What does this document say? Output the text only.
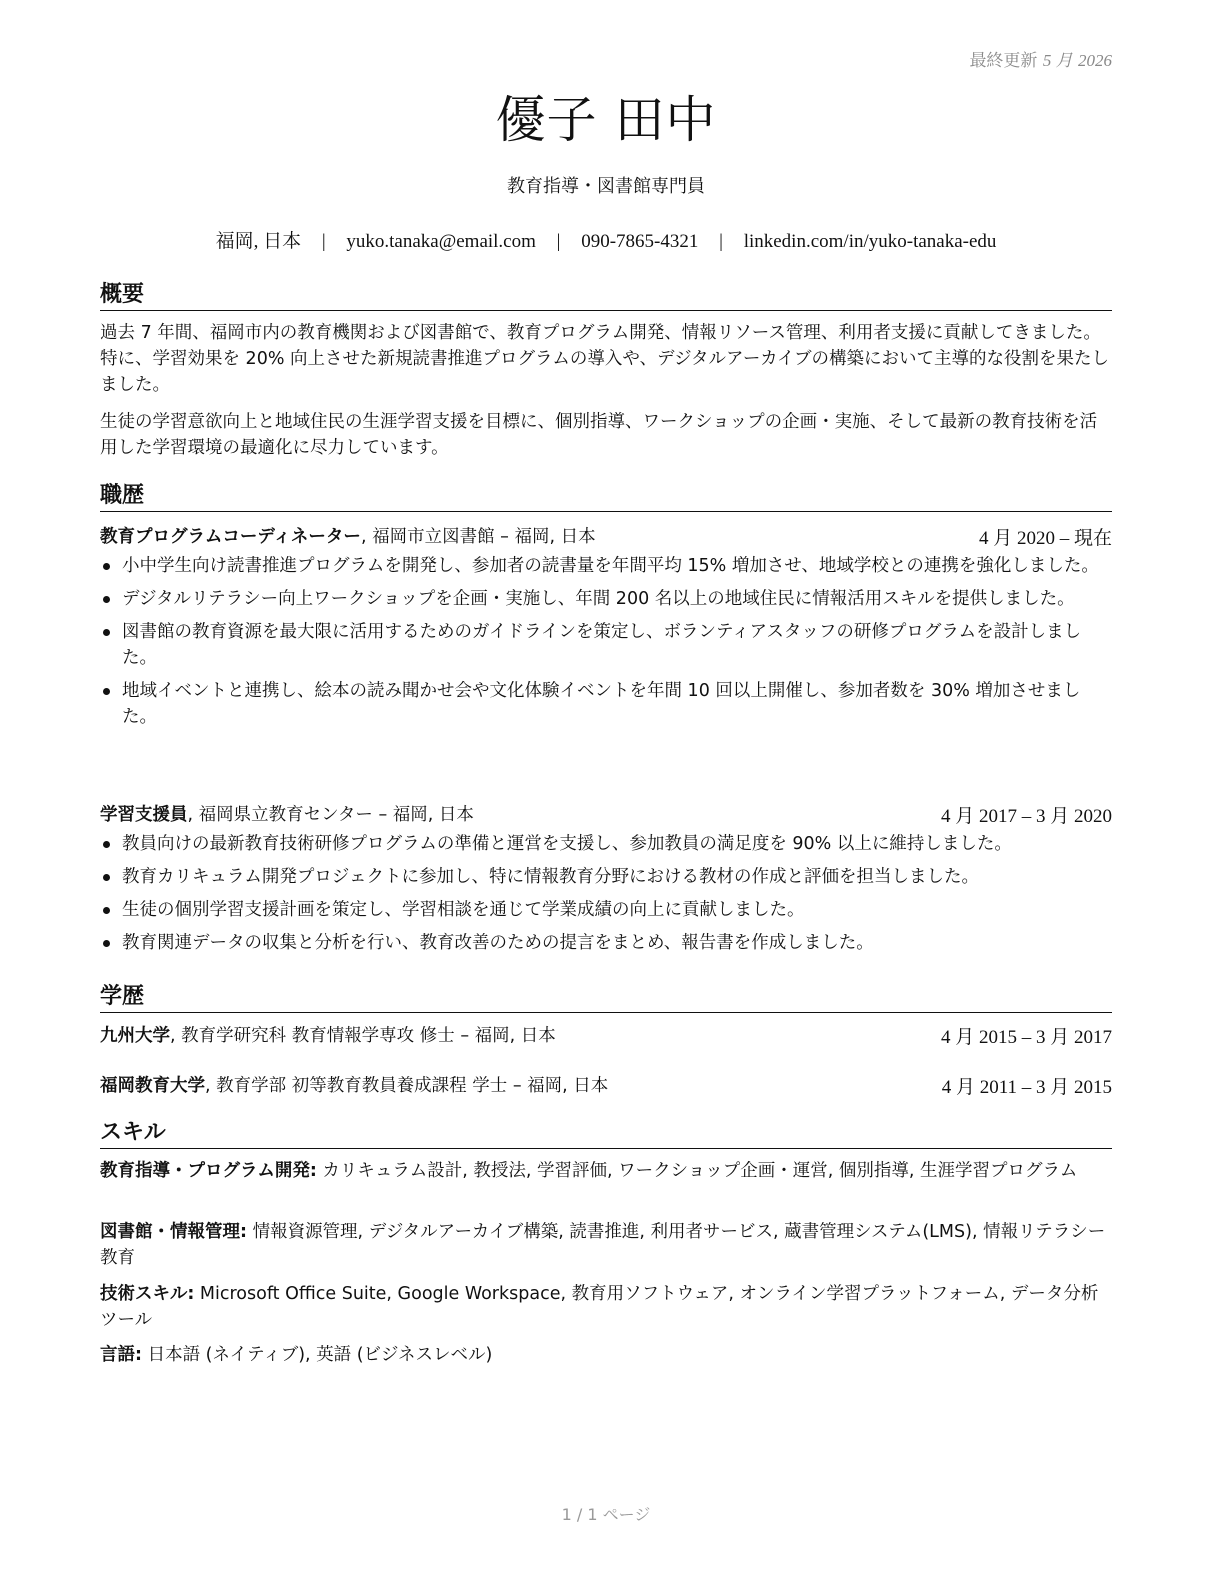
最終更新 5 月 2026
優子 田中
教育指導・図書館専門員
福岡, 日本 | yuko.tanaka@email.com | 090-7865-4321 | linkedin.com/in/yuko-tanaka-edu
概要
過去 7 年間、福岡市内の教育機関および図書館で、教育プログラム開発、情報リソース管理、利用者支援に貢献してきました。特に、学習効果を 20% 向上させた新規読書推進プログラムの導入や、デジタルアーカイブの構築において主導的な役割を果たしました。
生徒の学習意欲向上と地域住民の生涯学習支援を目標に、個別指導、ワークショップの企画・実施、そして最新の教育技術を活用した学習環境の最適化に尽力しています。
職歴
教育プログラムコーディネーター, 福岡市立図書館 – 福岡, 日本	4 月 2020 – 現在
小中学生向け読書推進プログラムを開発し、参加者の読書量を年間平均 15% 増加させ、地域学校との連携を強化しました。
デジタルリテラシー向上ワークショップを企画・実施し、年間 200 名以上の地域住民に情報活用スキルを提供しました。
図書館の教育資源を最大限に活用するためのガイドラインを策定し、ボランティアスタッフの研修プログラムを設計しました。
地域イベントと連携し、絵本の読み聞かせ会や文化体験イベントを年間 10 回以上開催し、参加者数を 30% 増加させました。
学習支援員, 福岡県立教育センター – 福岡, 日本	4 月 2017 – 3 月 2020
教員向けの最新教育技術研修プログラムの準備と運営を支援し、参加教員の満足度を 90% 以上に維持しました。
教育カリキュラム開発プロジェクトに参加し、特に情報教育分野における教材の作成と評価を担当しました。
生徒の個別学習支援計画を策定し、学習相談を通じて学業成績の向上に貢献しました。
教育関連データの収集と分析を行い、教育改善のための提言をまとめ、報告書を作成しました。
学歴
九州大学, 教育学研究科 教育情報学専攻 修士 – 福岡, 日本	4 月 2015 – 3 月 2017
福岡教育大学, 教育学部 初等教育教員養成課程 学士 – 福岡, 日本	4 月 2011 – 3 月 2015
スキル
教育指導・プログラム開発: カリキュラム設計, 教授法, 学習評価, ワークショップ企画・運営, 個別指導, 生涯学習プログラム
図書館・情報管理: 情報資源管理, デジタルアーカイブ構築, 読書推進, 利用者サービス, 蔵書管理システム(LMS), 情報リテラシー教育
技術スキル: Microsoft Office Suite, Google Workspace, 教育用ソフトウェア, オンライン学習プラットフォーム, データ分析ツール
言語: 日本語 (ネイティブ), 英語 (ビジネスレベル)
1 / 1 ページ
